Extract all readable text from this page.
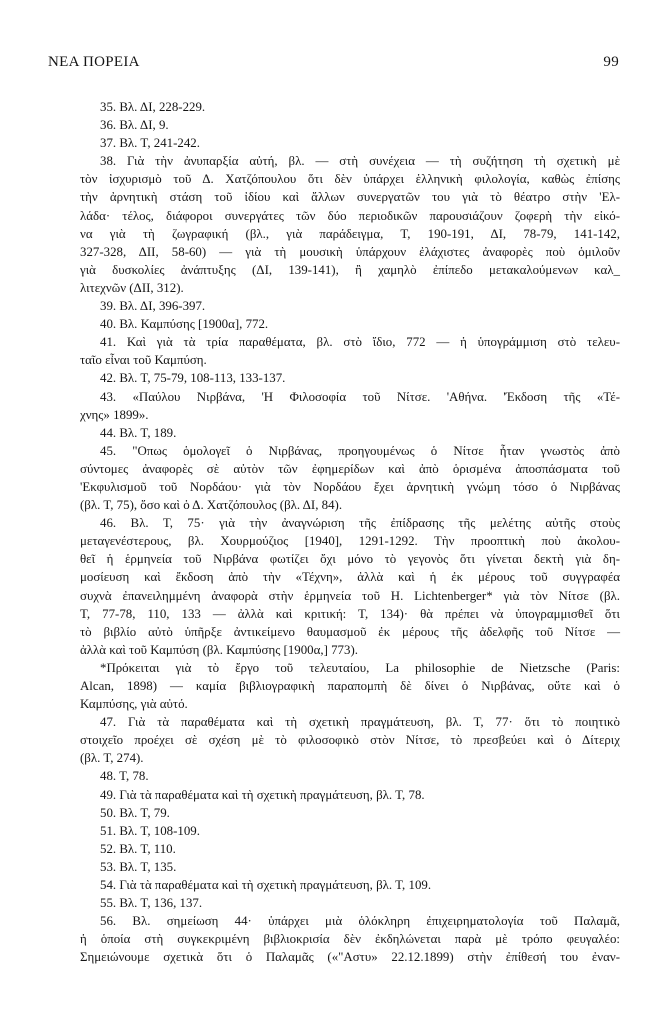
ΝΕΑ ΠΟΡΕΙΑ	99
35. Βλ. ΔΙ, 228-229.
36. Βλ. ΔΙ, 9.
37. Βλ. Τ, 241-242.
38. Γιὰ τὴν ἀνυπαρξία αὐτή, βλ. — στὴ συνέχεια — τὴ συζήτηση τὴ σχετικὴ μὲ
τὸν ἰσχυρισμὸ τοῦ Δ. Χατζόπουλου ὅτι δὲν ὑπάρχει ἑλληνικὴ φιλολογία, καθὼς ἐπίσης
τὴν ἀρνητικὴ στάση τοῦ ἰδίου καὶ ἄλλων συνεργατῶν του γιὰ τὸ θέατρο στὴν 'Ελ-
λάδα· τέλος, διάφοροι συνεργάτες τῶν δύο περιοδικῶν παρουσιάζουν ζοφερὴ τὴν εἰκό-
να γιὰ τὴ ζωγραφική (βλ., γιὰ παράδειγμα, Τ, 190-191, ΔΙ, 78-79, 141-142,
327-328, ΔΙΙ, 58-60) — γιὰ τὴ μουσικὴ ὑπάρχουν ἐλάχιστες ἀναφορὲς ποὺ ὁμιλοῦν
γιὰ δυσκολίες ἀνάπτυξης (ΔΙ, 139-141), ἢ χαμηλὸ ἐπίπεδο μετακαλούμενων καλ_
λιτεχνῶν (ΔΙΙ, 312).
39. Βλ. ΔΙ, 396-397.
40. Βλ. Καμπύσης [1900α], 772.
41. Καὶ γιὰ τὰ τρία παραθέματα, βλ. στὸ ἴδιο, 772 — ἡ ὑπογράμμιση στὸ τελευ-
ταῖο εἶναι τοῦ Καμπύση.
42. Βλ. Τ, 75-79, 108-113, 133-137.
43. «Παύλου Νιρβάνα, 'Η Φιλοσοφία τοῦ Νίτσε. 'Αθήνα. 'Έκδοση τῆς «Τέ-
χνης» 1899».
44. Βλ. Τ, 189.
45. "Οπως ὁμολογεῖ ὁ Νιρβάνας, προηγουμένως ὁ Νίτσε ἦταν γνωστὸς ἀπὸ
σύντομες ἀναφορὲς σὲ αὐτὸν τῶν ἐφημερίδων καὶ ἀπὸ ὁρισμένα ἀποσπάσματα τοῦ
'Εκφυλισμοῦ τοῦ Νορδάου· γιὰ τὸν Νορδάου ἔχει ἀρνητικὴ γνώμη τόσο ὁ Νιρβάνας
(βλ. Τ, 75), ὅσο καὶ ὁ Δ. Χατζόπουλος (βλ. ΔΙ, 84).
46. Βλ. Τ, 75· γιὰ τὴν ἀναγνώριση τῆς ἐπίδρασης τῆς μελέτης αὐτῆς στοὺς
μεταγενέστερους, βλ. Χουρμούζιος [1940], 1291-1292. Τὴν προοπτικὴ ποὺ ἀκολου-
θεῖ ἡ ἑρμηνεία τοῦ Νιρβάνα φωτίζει ὄχι μόνο τὸ γεγονὸς ὅτι γίνεται δεκτὴ γιὰ δη-
μοσίευση καὶ ἔκδοση ἀπὸ τὴν «Τέχνη», ἀλλὰ καὶ ἡ ἐκ μέρους τοῦ συγγραφέα
συχνὰ ἐπανειλημμένη ἀναφορὰ στὴν ἑρμηνεία τοῦ H. Lichtenberger* γιὰ τὸν Νίτσε (βλ.
Τ, 77-78, 110, 133 — ἀλλὰ καὶ κριτική: Τ, 134)· θὰ πρέπει νὰ ὑπογραμμισθεῖ ὅτι
τὸ βιβλίο αὐτὸ ὑπῆρξε ἀντικείμενο θαυμασμοῦ ἐκ μέρους τῆς ἀδελφῆς τοῦ Νίτσε —
ἀλλὰ καὶ τοῦ Καμπύση (βλ. Καμπύσης [1900α,] 773).
*Πρόκειται γιὰ τὸ ἔργο τοῦ τελευταίου, La philosophie de Nietzsche (Paris:
Alcan, 1898) — καμία βιβλιογραφικὴ παραπομπὴ δὲ δίνει ὁ Νιρβάνας, οὔτε καὶ ὁ
Καμπύσης, γιὰ αὐτό.
47. Γιὰ τὰ παραθέματα καὶ τὴ σχετικὴ πραγμάτευση, βλ. Τ, 77· ὅτι τὸ ποιητικὸ
στοιχεῖο προέχει σὲ σχέση μὲ τὸ φιλοσοφικὸ στὸν Νίτσε, τὸ πρεσβεύει καὶ ὁ Δίτεριχ
(βλ. Τ, 274).
48. Τ, 78.
49. Γιὰ τὰ παραθέματα καὶ τὴ σχετικὴ πραγμάτευση, βλ. Τ, 78.
50. Βλ. Τ, 79.
51. Βλ. Τ, 108-109.
52. Βλ. Τ, 110.
53. Βλ. Τ, 135.
54. Γιὰ τὰ παραθέματα καὶ τὴ σχετικὴ πραγμάτευση, βλ. Τ, 109.
55. Βλ. Τ, 136, 137.
56. Βλ. σημείωση 44· ὑπάρχει μιὰ ὁλόκληρη ἐπιχειρηματολογία τοῦ Παλαμᾶ,
ἡ ὁποία στὴ συγκεκριμένη βιβλιοκρισία δὲν ἐκδηλώνεται παρὰ μὲ τρόπο φευγαλέο:
Σημειώνουμε σχετικὰ ὅτι ὁ Παλαμᾶς («"Αστυ» 22.12.1899) στὴν ἐπίθεσή του ἐναν-
